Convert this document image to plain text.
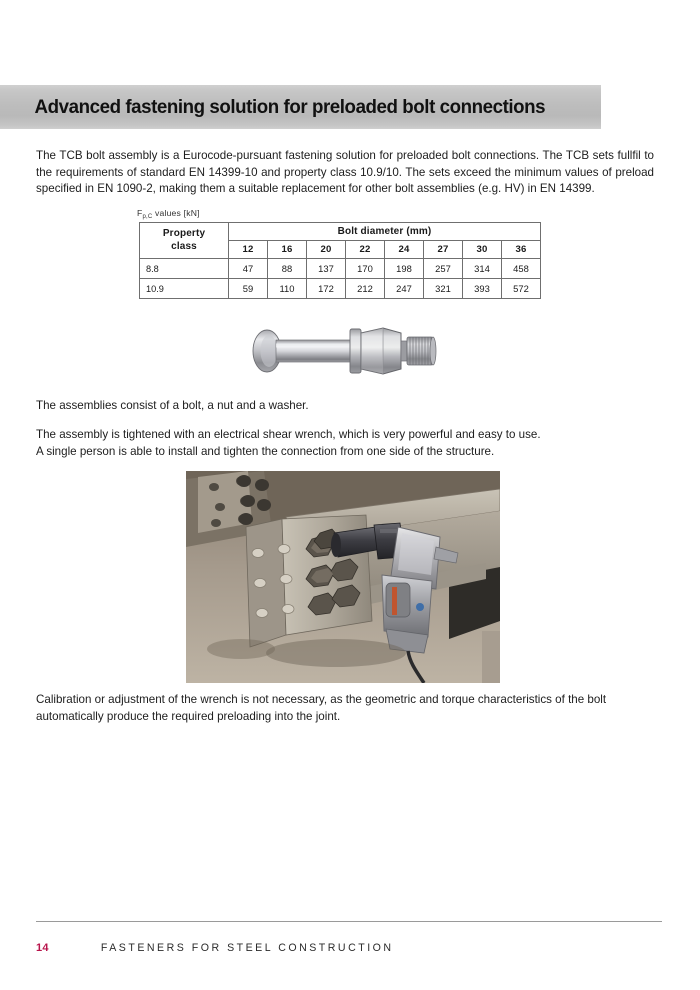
Advanced fastening solution for preloaded bolt connections

The TCB bolt assembly is a Eurocode-pursuant fastening solution for preloaded bolt connections. The TCB sets fullfil to the requirements of standard EN 14399-10 and property class 10.9/10. The sets exceed the minimum values of preload specified in EN 1090-2, making them a suitable replacement for other bolt assemblies (e.g. HV) in EN 14399.

$F_{p,C}$ values [kN]
Property
class	Bolt diameter (mm)							
	12	16	20	22	24	27	30	36
8.8	47	88	137	170	198	257	314	458
10.9	59	110	172	212	247	321	393	572
The assemblies consist of a bolt, a nut and a washer.

The assembly is tightened with an electrical shear wrench, which is very powerful and easy to use.

A single person is able to install and tighten the connection from one side of the structure.

Calibration or adjustment of the wrench is not necessary, as the geometric and torque characteristics of the bolt automatically produce the required preloading into the joint.

14	FASTENERS FOR STEEL CONSTRUCTION
